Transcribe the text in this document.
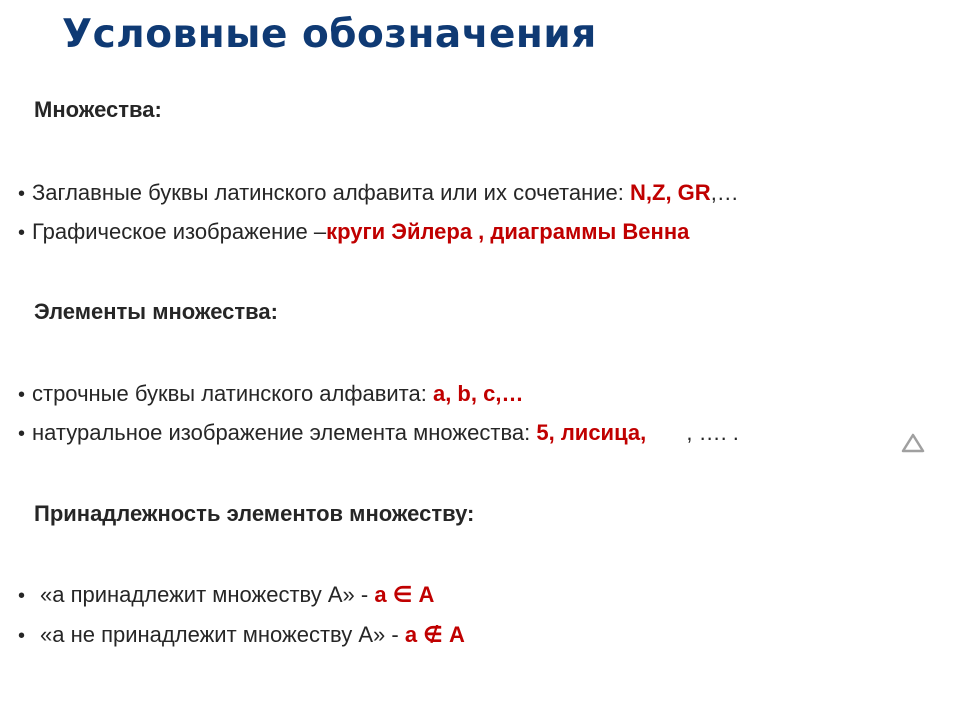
Условные обозначения
Множества:
• Заглавные буквы латинского алфавита или их сочетание: N,Z, GR,…
• Графическое изображение –круги Эйлера , диаграммы Венна
Элементы множества:
• строчные буквы латинского алфавита: a, b, c,…
• натуральное изображение элемента множества: 5, лисица, , …. .
Принадлежность элементов множеству:
• «а принадлежит множеству А» - а ∈ А
• «а не принадлежит множеству А» - а ∉ А
